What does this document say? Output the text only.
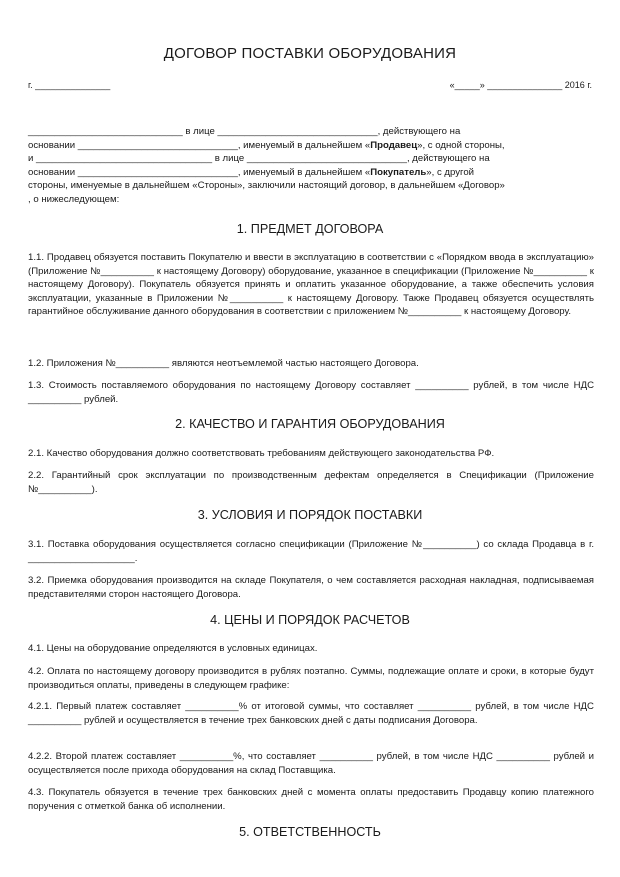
ДОГОВОР ПОСТАВКИ ОБОРУДОВАНИЯ
г. _______________	«_____» _______________ 2016 г.

_____________________________ в лице ______________________________, действующего на

основании ______________________________, именуемый в дальнейшем «Продавец», с одной стороны,

и _________________________________ в лице ______________________________, действующего на

основании ______________________________, именуемый в дальнейшем «Покупатель», с другой

стороны, именуемые в дальнейшем «Стороны», заключили настоящий договор, в дальнейшем «Договор»

, о нижеследующем:

1. ПРЕДМЕТ ДОГОВОРА

1.1. Продавец обязуется поставить Покупателю и ввести в эксплуатацию в соответствии с «Порядком ввода в эксплуатацию» (Приложение №__________ к настоящему Договору) оборудование, указанное в спецификации (Приложение №__________ к настоящему Договору). Покупатель обязуется принять и оплатить указанное оборудование, а также обеспечить условия эксплуатации, указанные в Приложении №__________ к настоящему Договору. Также Продавец обязуется осуществлять гарантийное обслуживание данного оборудования в соответствии с приложением №__________ к настоящему Договору.

1.2. Приложения №__________ являются неотъемлемой частью настоящего Договора.

1.3. Стоимость поставляемого оборудования по настоящему Договору составляет __________ рублей, в том числе НДС __________ рублей.

2. КАЧЕСТВО И ГАРАНТИЯ ОБОРУДОВАНИЯ

2.1. Качество оборудования должно соответствовать требованиям действующего законодательства РФ.

2.2. Гарантийный срок эксплуатации по производственным дефектам определяется в Спецификации (Приложение №__________).

3. УСЛОВИЯ И ПОРЯДОК ПОСТАВКИ

3.1. Поставка оборудования осуществляется согласно спецификации (Приложение №__________) со склада Продавца в г. ____________________.

3.2. Приемка оборудования производится на складе Покупателя, о чем составляется расходная накладная, подписываемая представителями сторон настоящего Договора.

4. ЦЕНЫ И ПОРЯДОК РАСЧЕТОВ

4.1. Цены на оборудование определяются в условных единицах.

4.2. Оплата по настоящему договору производится в рублях поэтапно. Суммы, подлежащие оплате и сроки, в которые будут производиться оплаты, приведены в следующем графике:

4.2.1. Первый платеж составляет __________% от итоговой суммы, что составляет __________ рублей, в том числе НДС __________ рублей и осуществляется в течение трех банковских дней с даты подписания Договора.

4.2.2. Второй платеж составляет __________%, что составляет __________ рублей, в том числе НДС __________ рублей и осуществляется после прихода оборудования на склад Поставщика.

4.3. Покупатель обязуется в течение трех банковских дней с момента оплаты предоставить Продавцу копию платежного поручения с отметкой банка об исполнении.

5. ОТВЕТСТВЕННОСТЬ
